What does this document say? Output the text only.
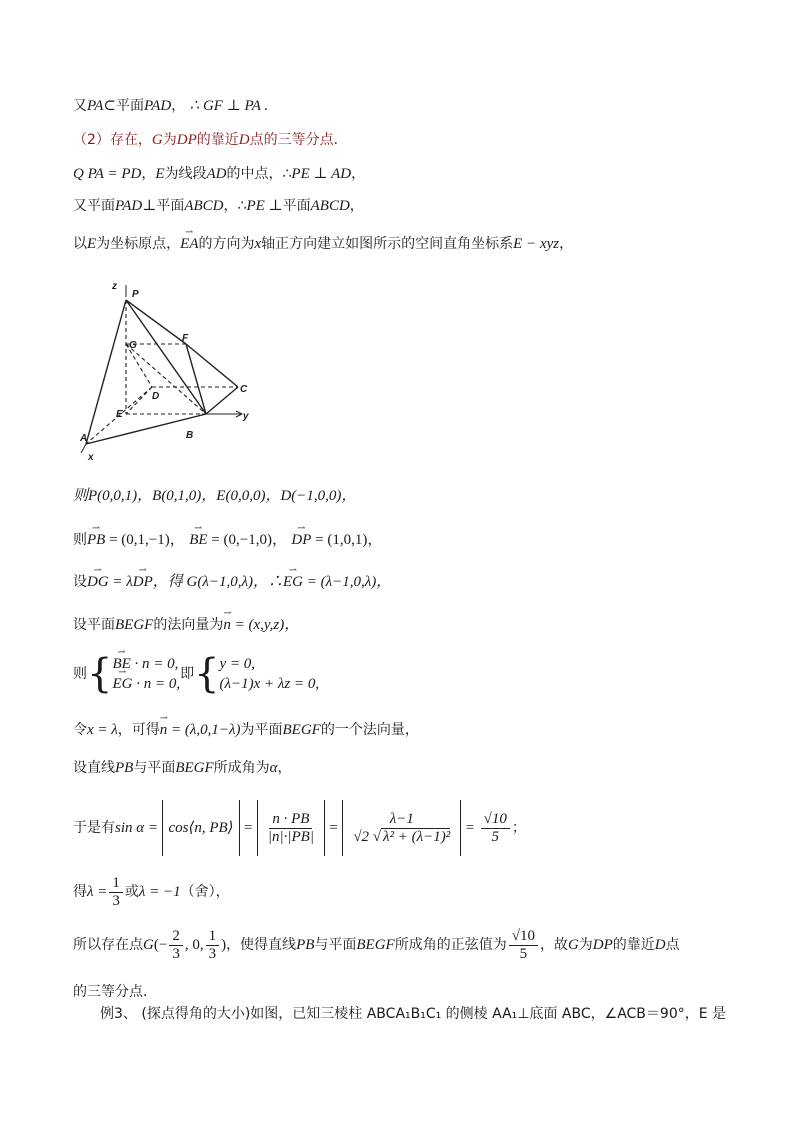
又PA⊂平面PAD， ∴ GF ⊥ PA .
（2）存在，G为DP的靠近D点的三等分点．
Q PA = PD，E为线段AD的中点，∴PE ⊥ AD，
又平面PAD⊥平面ABCD，∴PE ⊥平面ABCD，
以E为坐标原点，⇀ EA的方向为x轴正方向建立如图所示的空间直角坐标系E − xyz，
z
P
G
F
D
C
E	y
A	B
x
则P(0,0,1)，B(0,1,0)，E(0,0,0)，D(−1,0,0)，
则⇀ PB = (0,1,−1)， ⇀ BE = (0,−1,0)， ⇀ DP = (1,0,1)，
设⇀ DG = λ⇀ DP，得 G(λ−1,0,λ)，∴⇀ EG = (λ−1,0,λ)，
设平面BEGF的法向量为⇀ n = (x,y,z)，
则{ ⇀ BE · n = 0,
⇀ EG · n = 0,
即{ y = 0,
(λ−1)x + λz = 0,
令x = λ，可得⇀ n = (λ,0,1−λ)为平面BEGF的一个法向量，
设直线PB与平面BEGF所成角为α，
于是有sin α = cos⟨n, PB⟩ = $\frac{n \cdot PB}{|n|\cdot|PB|} = \frac{\lambda-1}{\text{√2 √ λ² + (λ−1)²}} = \frac{√10}{5}$ ；
得$\lambda = \frac{1}{3}$ 或λ = −1（舍），
所以存在点$G(- \frac{2}{3}$ , 0, $\frac{1}{3}$ )，使得直线PB与平面BEGF所成角的正弦值为 $\frac{√10}{5}$ ，故G为DP的靠近D点
的三等分点．
例3、 (探点得角的大小)如图，已知三棱柱 ABCA₁B₁C₁ 的侧棱 AA₁⊥底面 ABC，∠ACB＝90°，E 是
